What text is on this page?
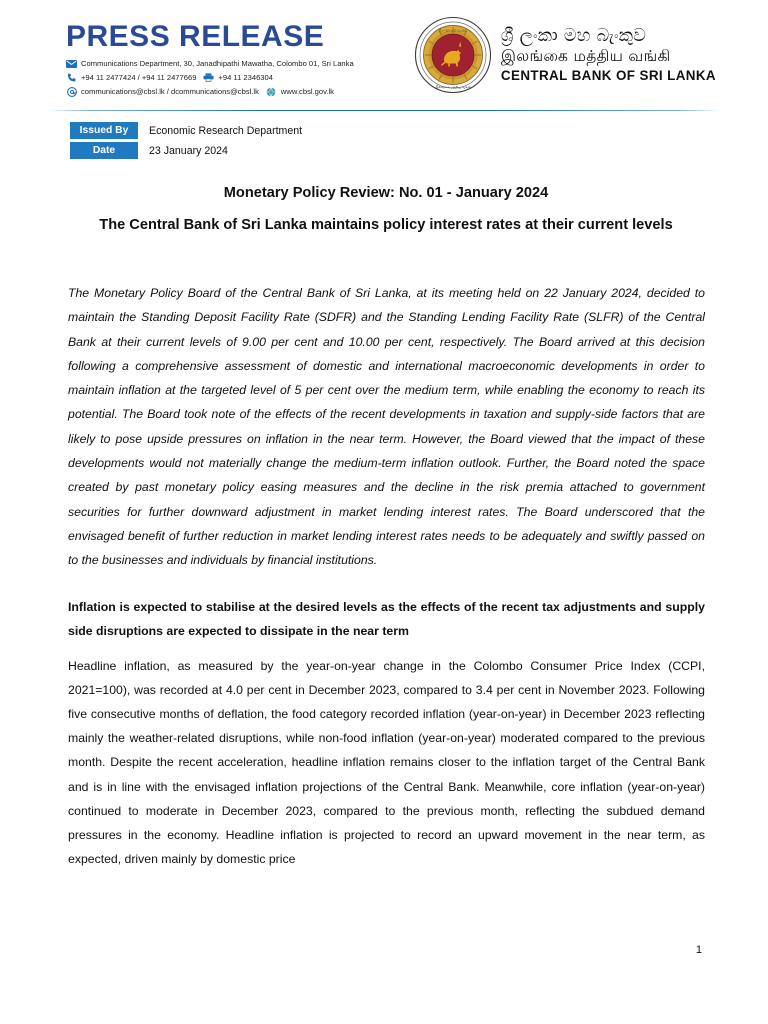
PRESS RELEASE
Communications Department, 30, Janadhipathi Mawatha, Colombo 01, Sri Lanka
+94 11 2477424 / +94 11 2477669	+94 11 2346304
communications@cbsl.lk / dcommunications@cbsl.lk	www.cbsl.gov.lk
ශ්‍රී ලංකා මහ බැංකුව
இலங்கை மத்திய வங்கி
ශ්‍රී ලංකා මහ බැංකුව
இலங்கை மத்திய வங்கி
CENTRAL BANK OF SRI LANKA
Issued By	Economic Research Department
Date	23 January 2024
Monetary Policy Review: No. 01 - January 2024
The Central Bank of Sri Lanka maintains policy interest rates at their current levels

The Monetary Policy Board of the Central Bank of Sri Lanka, at its meeting held on 22 January 2024, decided to maintain the Standing Deposit Facility Rate (SDFR) and the Standing Lending Facility Rate (SLFR) of the Central Bank at their current levels of 9.00 per cent and 10.00 per cent, respectively. The Board arrived at this decision following a comprehensive assessment of domestic and international macroeconomic developments in order to maintain inflation at the targeted level of 5 per cent over the medium term, while enabling the economy to reach its potential. The Board took note of the effects of the recent developments in taxation and supply-side factors that are likely to pose upside pressures on inflation in the near term. However, the Board viewed that the impact of these developments would not materially change the medium-term inflation outlook. Further, the Board noted the space created by past monetary policy easing measures and the decline in the risk premia attached to government securities for further downward adjustment in market lending interest rates. The Board underscored that the envisaged benefit of further reduction in market lending interest rates needs to be adequately and swiftly passed on to the businesses and individuals by financial institutions.

Inflation is expected to stabilise at the desired levels as the effects of the recent tax adjustments and supply side disruptions are expected to dissipate in the near term

Headline inflation, as measured by the year-on-year change in the Colombo Consumer Price Index (CCPI, 2021=100), was recorded at 4.0 per cent in December 2023, compared to 3.4 per cent in November 2023. Following five consecutive months of deflation, the food category recorded inflation (year-on-year) in December 2023 reflecting mainly the weather-related disruptions, while non-food inflation (year-on-year) moderated compared to the previous month. Despite the recent acceleration, headline inflation remains closer to the inflation target of the Central Bank and is in line with the envisaged inflation projections of the Central Bank. Meanwhile, core inflation (year-on-year) continued to moderate in December 2023, compared to the previous month, reflecting the subdued demand pressures in the economy. Headline inflation is projected to record an upward movement in the near term, as expected, driven mainly by domestic price

1
